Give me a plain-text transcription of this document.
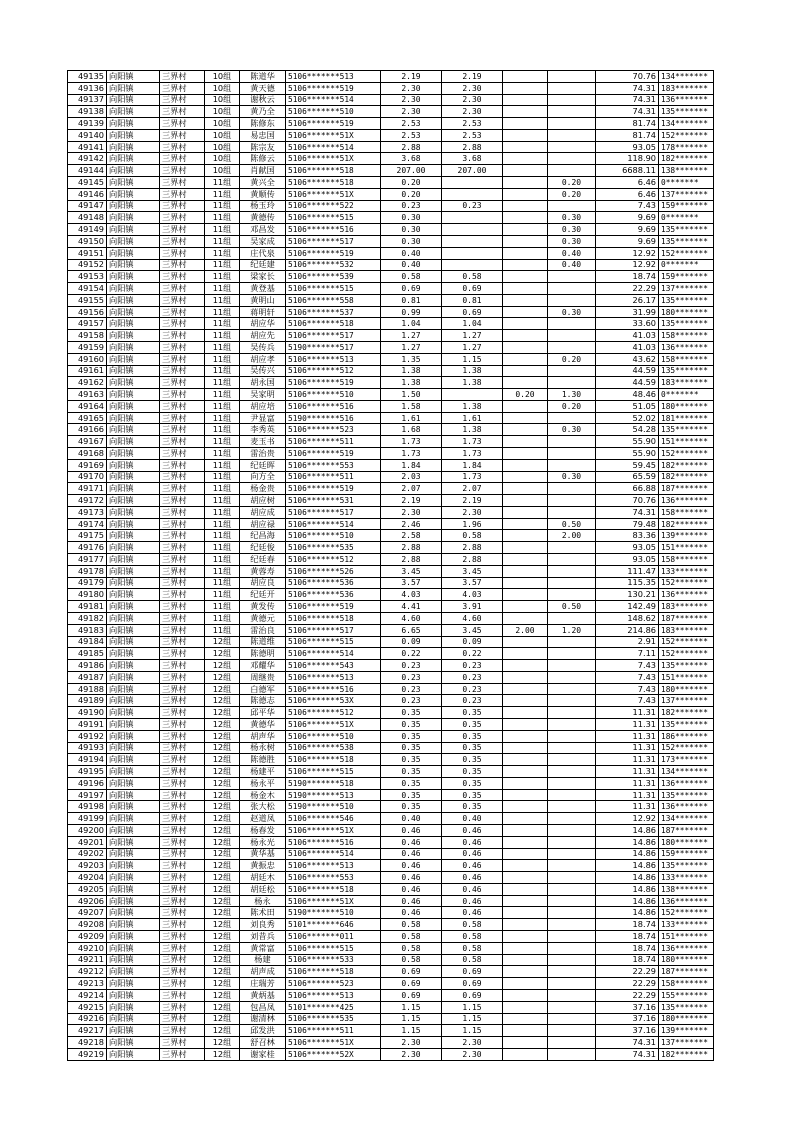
49135	向阳镇	三界村	10组	陈道华	5106*******513	2.19	2.19			70.76	134*******
49136	向阳镇	三界村	10组	黄天德	5106*******519	2.30	2.30			74.31	183*******
49137	向阳镇	三界村	10组	谢秋云	5106*******514	2.30	2.30			74.31	136*******
49138	向阳镇	三界村	10组	黄乃全	5106*******510	2.30	2.30			74.31	135*******
49139	向阳镇	三界村	10组	陈修东	5106*******519	2.53	2.53			81.74	134*******
49140	向阳镇	三界村	10组	易忠国	5106*******51X	2.53	2.53			81.74	152*******
49141	向阳镇	三界村	10组	陈宗友	5106*******514	2.88	2.88			93.05	178*******
49142	向阳镇	三界村	10组	陈修云	5106*******51X	3.68	3.68			118.90	182*******
49144	向阳镇	三界村	10组	肖献国	5106*******518	207.00	207.00			6688.11	138*******
49145	向阳镇	三界村	11组	黄兴全	5106*******518	0.20			0.20	6.46	0*******
49146	向阳镇	三界村	11组	黄顺传	5106*******51X	0.20			0.20	6.46	137*******
49147	向阳镇	三界村	11组	杨玉玲	5106*******522	0.23	0.23			7.43	159*******
49148	向阳镇	三界村	11组	黄德传	5106*******515	0.30			0.30	9.69	0*******
49149	向阳镇	三界村	11组	邓昌发	5106*******516	0.30			0.30	9.69	135*******
49150	向阳镇	三界村	11组	吴家成	5106*******517	0.30			0.30	9.69	135*******
49151	向阳镇	三界村	11组	庄代泉	5106*******519	0.40			0.40	12.92	152*******
49152	向阳镇	三界村	11组	纪廷建	5106*******532	0.40			0.40	12.92	0*******
49153	向阳镇	三界村	11组	梁家长	5106*******539	0.58	0.58			18.74	159*******
49154	向阳镇	三界村	11组	黄登基	5106*******515	0.69	0.69			22.29	137*******
49155	向阳镇	三界村	11组	黄明山	5106*******558	0.81	0.81			26.17	135*******
49156	向阳镇	三界村	11组	蒋明轩	5106*******537	0.99	0.69		0.30	31.99	180*******
49157	向阳镇	三界村	11组	胡应华	5106*******518	1.04	1.04			33.60	135*******
49158	向阳镇	三界村	11组	胡应先	5106*******517	1.27	1.27			41.03	158*******
49159	向阳镇	三界村	11组	吴传兵	5190*******517	1.27	1.27			41.03	136*******
49160	向阳镇	三界村	11组	胡应孝	5106*******513	1.35	1.15		0.20	43.62	158*******
49161	向阳镇	三界村	11组	吴传兴	5106*******512	1.38	1.38			44.59	135*******
49162	向阳镇	三界村	11组	胡永国	5106*******519	1.38	1.38			44.59	183*******
49163	向阳镇	三界村	11组	吴家明	5106*******510	1.50		0.20	1.30	48.46	0*******
49164	向阳镇	三界村	11组	胡应培	5106*******516	1.58	1.38		0.20	51.05	180*******
49165	向阳镇	三界村	11组	尹显富	5190*******516	1.61	1.61			52.02	181*******
49166	向阳镇	三界村	11组	李秀英	5106*******523	1.68	1.38		0.30	54.28	135*******
49167	向阳镇	三界村	11组	麦玉书	5106*******511	1.73	1.73			55.90	151*******
49168	向阳镇	三界村	11组	雷治贵	5106*******519	1.73	1.73			55.90	152*******
49169	向阳镇	三界村	11组	纪廷晖	5106*******553	1.84	1.84			59.45	182*******
49170	向阳镇	三界村	11组	向方全	5106*******511	2.03	1.73		0.30	65.59	182*******
49171	向阳镇	三界村	11组	杨金贵	5106*******519	2.07	2.07			66.88	187*******
49172	向阳镇	三界村	11组	胡应树	5106*******531	2.19	2.19			70.76	136*******
49173	向阳镇	三界村	11组	胡应成	5106*******517	2.30	2.30			74.31	158*******
49174	向阳镇	三界村	11组	胡应禄	5106*******514	2.46	1.96		0.50	79.48	182*******
49175	向阳镇	三界村	11组	纪昌海	5106*******510	2.58	0.58		2.00	83.36	139*******
49176	向阳镇	三界村	11组	纪廷俊	5106*******535	2.88	2.88			93.05	151*******
49177	向阳镇	三界村	11组	纪廷春	5106*******512	2.88	2.88			93.05	158*******
49178	向阳镇	三界村	11组	黄蓉寿	5106*******526	3.45	3.45			111.47	133*******
49179	向阳镇	三界村	11组	胡应良	5106*******536	3.57	3.57			115.35	152*******
49180	向阳镇	三界村	11组	纪廷开	5106*******536	4.03	4.03			130.21	136*******
49181	向阳镇	三界村	11组	黄发传	5106*******519	4.41	3.91		0.50	142.49	183*******
49182	向阳镇	三界村	11组	黄德元	5106*******518	4.60	4.60			148.62	187*******
49183	向阳镇	三界村	11组	雷治良	5106*******517	6.65	3.45	2.00	1.20	214.86	183*******
49184	向阳镇	三界村	12组	陈道维	5106*******515	0.09	0.09			2.91	152*******
49185	向阳镇	三界村	12组	陈德明	5106*******514	0.22	0.22			7.11	152*******
49186	向阳镇	三界村	12组	邓耀华	5106*******543	0.23	0.23			7.43	135*******
49187	向阳镇	三界村	12组	周继贵	5106*******513	0.23	0.23			7.43	151*******
49188	向阳镇	三界村	12组	白德军	5106*******516	0.23	0.23			7.43	180*******
49189	向阳镇	三界村	12组	陈德志	5106*******53X	0.23	0.23			7.43	137*******
49190	向阳镇	三界村	12组	邱平华	5106*******512	0.35	0.35			11.31	182*******
49191	向阳镇	三界村	12组	黄德华	5106*******51X	0.35	0.35			11.31	135*******
49192	向阳镇	三界村	12组	胡声华	5106*******510	0.35	0.35			11.31	186*******
49193	向阳镇	三界村	12组	杨永树	5106*******538	0.35	0.35			11.31	152*******
49194	向阳镇	三界村	12组	陈德胜	5106*******518	0.35	0.35			11.31	173*******
49195	向阳镇	三界村	12组	杨建平	5106*******515	0.35	0.35			11.31	134*******
49196	向阳镇	三界村	12组	杨永平	5190*******518	0.35	0.35			11.31	136*******
49197	向阳镇	三界村	12组	杨金木	5190*******513	0.35	0.35			11.31	135*******
49198	向阳镇	三界村	12组	张大松	5190*******510	0.35	0.35			11.31	136*******
49199	向阳镇	三界村	12组	赵道凤	5106*******546	0.40	0.40			12.92	134*******
49200	向阳镇	三界村	12组	杨春发	5106*******51X	0.46	0.46			14.86	187*******
49201	向阳镇	三界村	12组	杨永光	5106*******516	0.46	0.46			14.86	180*******
49202	向阳镇	三界村	12组	黄华基	5106*******514	0.46	0.46			14.86	159*******
49203	向阳镇	三界村	12组	黄振忠	5106*******513	0.46	0.46			14.86	135*******
49204	向阳镇	三界村	12组	胡廷木	5106*******553	0.46	0.46			14.86	133*******
49205	向阳镇	三界村	12组	胡廷松	5106*******518	0.46	0.46			14.86	138*******
49206	向阳镇	三界村	12组	杨永	5106*******51X	0.46	0.46			14.86	136*******
49207	向阳镇	三界村	12组	陈术田	5190*******510	0.46	0.46			14.86	152*******
49208	向阳镇	三界村	12组	刘良秀	5101*******646	0.58	0.58			18.74	133*******
49209	向阳镇	三界村	12组	刘昔兵	5106*******011	0.58	0.58			18.74	151*******
49210	向阳镇	三界村	12组	黄常富	5106*******515	0.58	0.58			18.74	136*******
49211	向阳镇	三界村	12组	杨建	5106*******533	0.58	0.58			18.74	180*******
49212	向阳镇	三界村	12组	胡声成	5106*******518	0.69	0.69			22.29	187*******
49213	向阳镇	三界村	12组	庄瑞芳	5106*******523	0.69	0.69			22.29	158*******
49214	向阳镇	三界村	12组	黄炳基	5106*******513	0.69	0.69			22.29	155*******
49215	向阳镇	三界村	12组	包昌凤	5101*******425	1.15	1.15			37.16	135*******
49216	向阳镇	三界村	12组	谢清林	5106*******535	1.15	1.15			37.16	180*******
49217	向阳镇	三界村	12组	邱发洪	5106*******511	1.15	1.15			37.16	139*******
49218	向阳镇	三界村	12组	舒召林	5106*******51X	2.30	2.30			74.31	137*******
49219	向阳镇	三界村	12组	谢家桂	5106*******52X	2.30	2.30			74.31	182*******
